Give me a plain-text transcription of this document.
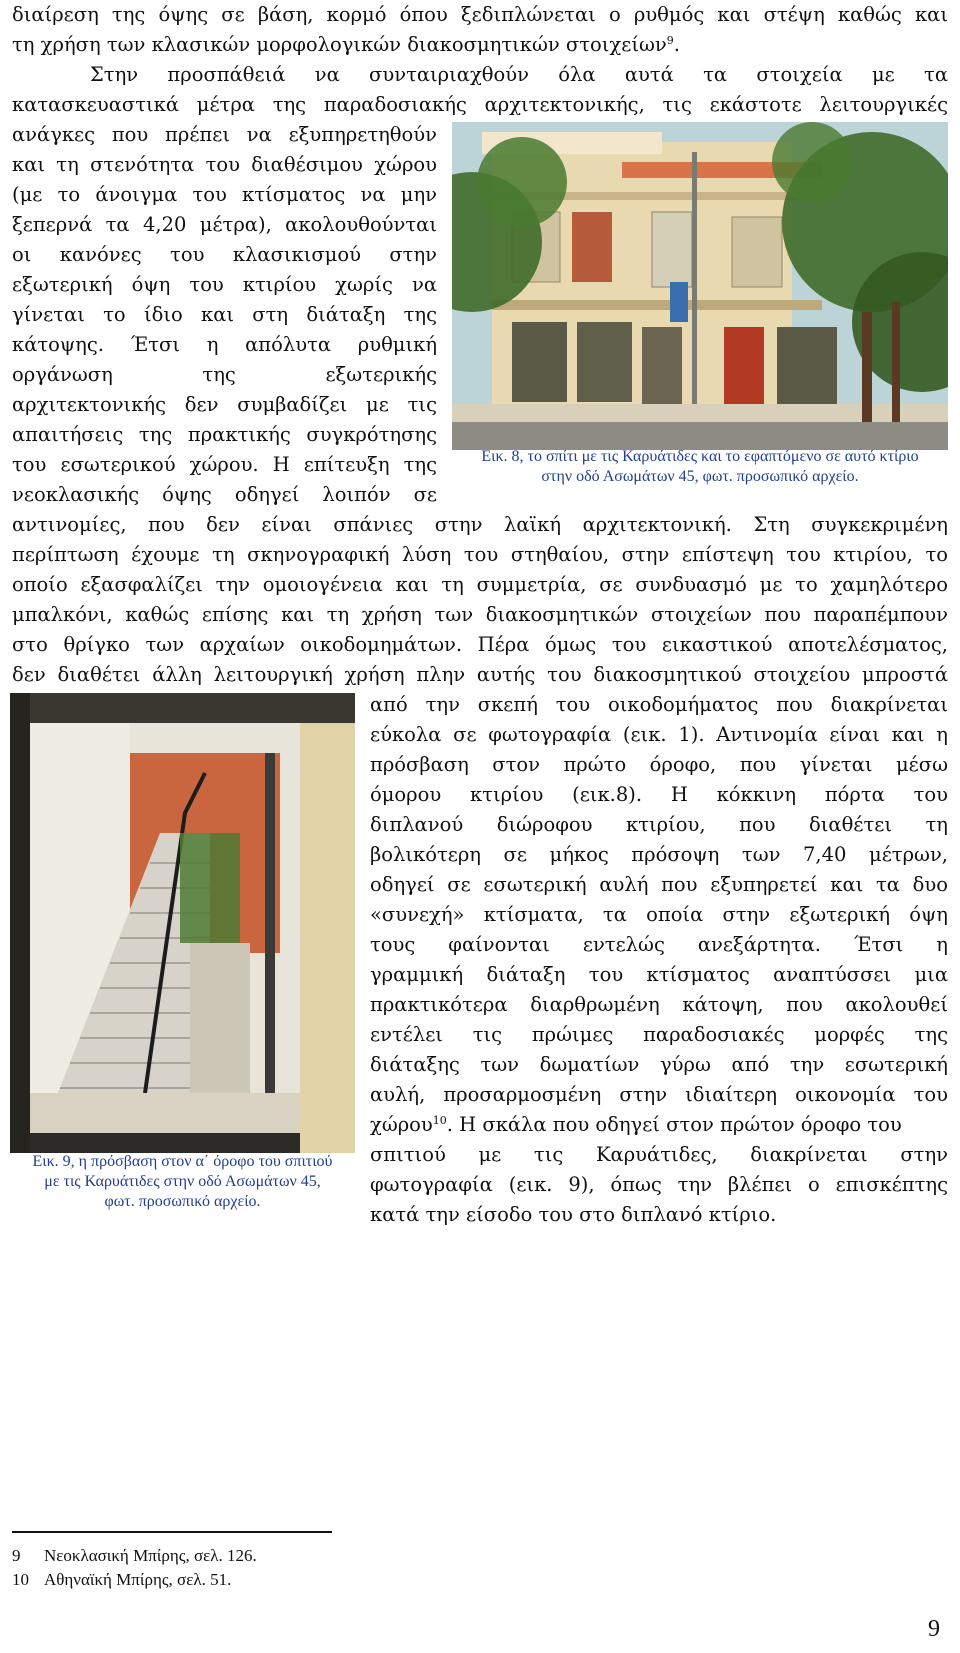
διαίρεση της όψης σε βάση, κορμό όπου ξεδιπλώνεται ο ρυθμός και στέψη καθώς και
τη χρήση των κλασικών μορφολογικών διακοσμητικών στοιχείων$^9$.
Στην προσπάθειά να συνταιριαχθούν όλα αυτά τα στοιχεία με τα
κατασκευαστικά μέτρα της παραδοσιακής αρχιτεκτονικής, τις εκάστοτε λειτουργικές
ανάγκες που πρέπει να εξυπηρετηθούν
και τη στενότητα του διαθέσιμου χώρου
(με το άνοιγμα του κτίσματος να μην
ξεπερνά τα 4,20 μέτρα), ακολουθούνται
οι κανόνες του κλασικισμού στην
εξωτερική όψη του κτιρίου χωρίς να
γίνεται το ίδιο και στη διάταξη της
κάτοψης. Έτσι η απόλυτα ρυθμική
οργάνωση της εξωτερικής
αρχιτεκτονικής δεν συμβαδίζει με τις
απαιτήσεις της πρακτικής συγκρότησης
του εσωτερικού χώρου. Η επίτευξη της
νεοκλασικής όψης οδηγεί λοιπόν σε
Εικ. 8, το σπίτι με τις Καρυάτιδες και το εφαπτόμενο σε αυτό κτίριο
στην οδό Ασωμάτων 45, φωτ. προσωπικό αρχείο.
αντινομίες, που δεν είναι σπάνιες στην λαϊκή αρχιτεκτονική. Στη συγκεκριμένη
περίπτωση έχουμε τη σκηνογραφική λύση του στηθαίου, στην επίστεψη του κτιρίου, το
οποίο εξασφαλίζει την ομοιογένεια και τη συμμετρία, σε συνδυασμό με το χαμηλότερο
μπαλκόνι, καθώς επίσης και τη χρήση των διακοσμητικών στοιχείων που παραπέμπουν
στο θρίγκο των αρχαίων οικοδομημάτων. Πέρα όμως του εικαστικού αποτελέσματος,
δεν διαθέτει άλλη λειτουργική χρήση πλην αυτής του διακοσμητικού στοιχείου μπροστά
Εικ. 9, η πρόσβαση στον α΄ όροφο του σπιτιού
με τις Καρυάτιδες στην οδό Ασωμάτων 45,
φωτ. προσωπικό αρχείο.
από την σκεπή του οικοδομήματος που διακρίνεται
εύκολα σε φωτογραφία (εικ. 1). Αντινομία είναι και η
πρόσβαση στον πρώτο όροφο, που γίνεται μέσω
όμορου κτιρίου (εικ.8). Η κόκκινη πόρτα του
διπλανού διώροφου κτιρίου, που διαθέτει τη
βολικότερη σε μήκος πρόσοψη των 7,40 μέτρων,
οδηγεί σε εσωτερική αυλή που εξυπηρετεί και τα δυο
«συνεχή» κτίσματα, τα οποία στην εξωτερική όψη
τους φαίνονται εντελώς ανεξάρτητα. Έτσι η
γραμμική διάταξη του κτίσματος αναπτύσσει μια
πρακτικότερα διαρθρωμένη κάτοψη, που ακολουθεί
εντέλει τις πρώιμες παραδοσιακές μορφές της
διάταξης των δωματίων γύρω από την εσωτερική
αυλή, προσαρμοσμένη στην ιδιαίτερη οικονομία του
χώρου$^{10}$. Η σκάλα που οδηγεί στον πρώτον όροφο του
σπιτιού με τις Καρυάτιδες, διακρίνεται στην
φωτογραφία (εικ. 9), όπως την βλέπει ο επισκέπτης
κατά την είσοδο του στο διπλανό κτίριο.
9 Νεοκλασική Μπίρης, σελ. 126.
10 Αθηναϊκή Μπίρης, σελ. 51.
9
